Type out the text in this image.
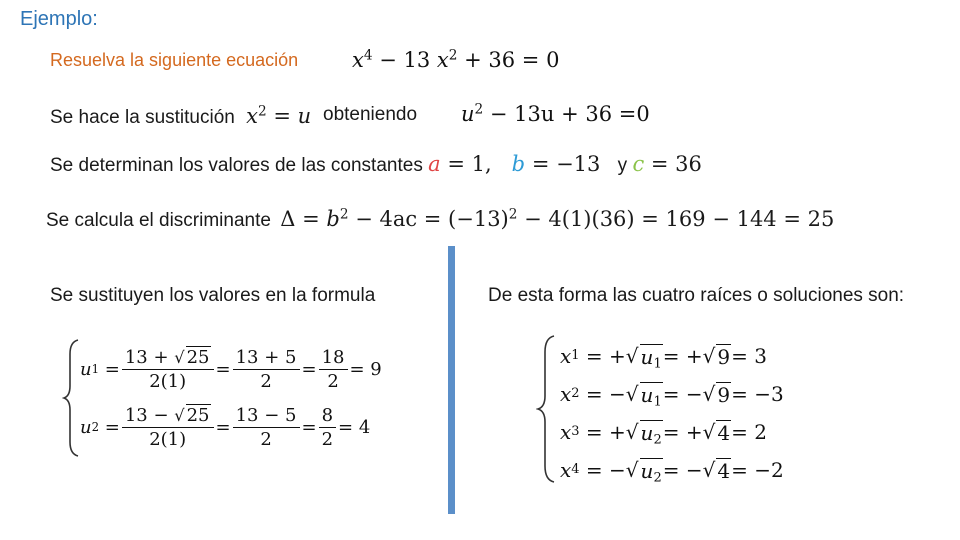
Ejemplo:
Resuelva la siguiente ecuación	$x^4 - 13$ $x^2 + 36 = 0$
Se hace la sustitución $x^2 = u$ obteniendo $u^2 - 13u + 36 =0$
Se determinan los valores de las constantes a = 1, b = −13 y c = 36
Se calcula el discriminante $\Delta = b^2 - 4ac = (-13)^2 - 4(1)(36) = 169 - 144 = 25$
Se sustituyen los valores en la formula	De esta forma las cuatro raíces o soluciones son:
u $1 = \frac{13 + √ 25}{2(1)} = \frac{13 + 5}{2} = \frac{18}{2} = 9$
u $2 = \frac{13 - √ 25}{2(1)} = \frac{13 - 5}{2} = \frac{8}{2} = 4$
x 1
= + √ $u_1$ = + √ 9 = 3
x 2
= − √ $u_1$ = − √ 9 = −3
x 3
= + √ $u_2$ = + √ 4 = 2
x 4
= − √ $u_2$ = − √ 4 = −2
